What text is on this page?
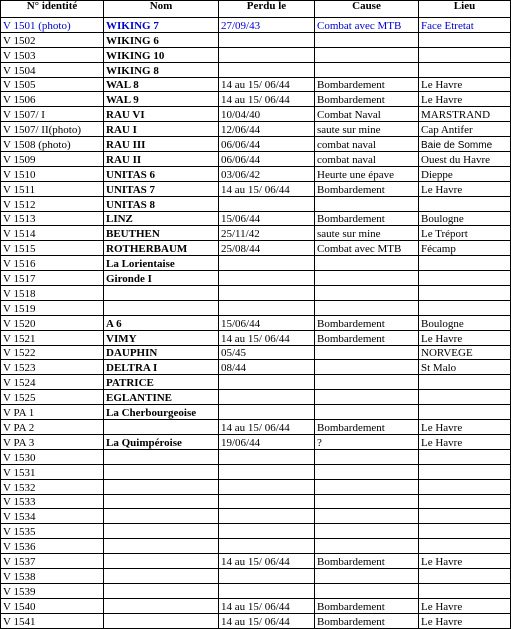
N° identité	Nom	Perdu le	Cause	Lieu
V 1501 (photo)	WIKING 7	27/09/43	Combat avec MTB	Face Etretat
V 1502	WIKING 6			
V 1503	WIKING 10			
V 1504	WIKING 8			
V 1505	WAL 8	14 au 15/ 06/44	Bombardement	Le Havre
V 1506	WAL 9	14 au 15/ 06/44	Bombardement	Le Havre
V 1507/ I	RAU VI	10/04/40	Combat Naval	MARSTRAND
V 1507/ II(photo)	RAU I	12/06/44	saute sur mine	Cap Antifer
V 1508 (photo)	RAU III	06/06/44	combat naval	Baie de Somme
V 1509	RAU II	06/06/44	combat naval	Ouest du Havre
V 1510	UNITAS 6	03/06/42	Heurte une épave	Dieppe
V 1511	UNITAS 7	14 au 15/ 06/44	Bombardement	Le Havre
V 1512	UNITAS 8			
V 1513	LINZ	15/06/44	Bombardement	Boulogne
V 1514	BEUTHEN	25/11/42	saute sur mine	Le Tréport
V 1515	ROTHERBAUM	25/08/44	Combat avec MTB	Fécamp
V 1516	La Lorientaise			
V 1517	Gironde I			
V 1518				
V 1519				
V 1520	A 6	15/06/44	Bombardement	Boulogne
V 1521	VIMY	14 au 15/ 06/44	Bombardement	Le Havre
V 1522	DAUPHIN	05/45		NORVEGE
V 1523	DELTRA I	08/44		St Malo
V 1524	PATRICE			
V 1525	EGLANTINE			
V PA 1	La Cherbourgeoise			
V PA 2		14 au 15/ 06/44	Bombardement	Le Havre
V PA 3	La Quimpéroise	19/06/44	?	Le Havre
V 1530				
V 1531				
V 1532				
V 1533				
V 1534				
V 1535				
V 1536				
V 1537		14 au 15/ 06/44	Bombardement	Le Havre
V 1538				
V 1539				
V 1540		14 au 15/ 06/44	Bombardement	Le Havre
V 1541		14 au 15/ 06/44	Bombardement	Le Havre
